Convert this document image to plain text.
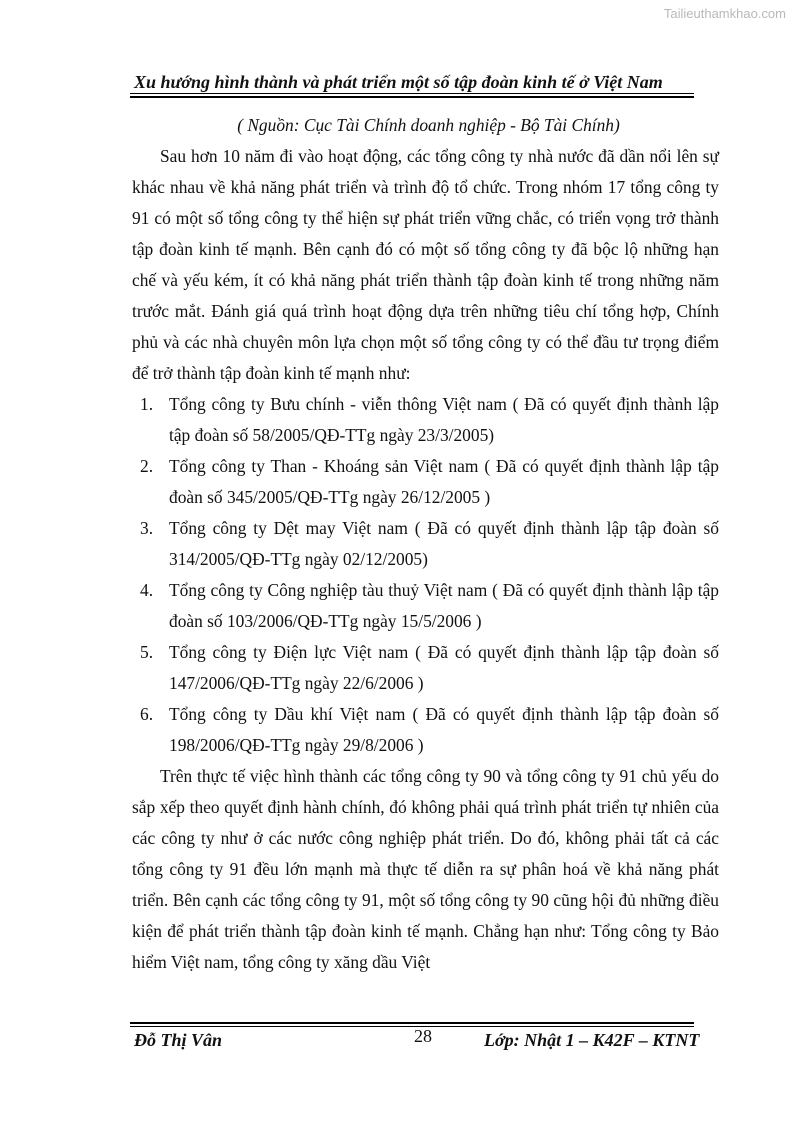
Tailieuthamkhao.com
Xu hướng hình thành và phát triển một số tập đoàn kinh tế ở Việt Nam
( Nguồn: Cục Tài Chính doanh nghiệp - Bộ Tài Chính)

Sau hơn 10 năm đi vào hoạt động, các tổng công ty nhà nước đã dần nổi lên sự khác nhau về khả năng phát triển và trình độ tổ chức. Trong nhóm 17 tổng công ty 91 có một số tổng công ty thể hiện sự phát triển vững chắc, có triển vọng trở thành tập đoàn kinh tế mạnh. Bên cạnh đó có một số tổng công ty đã bộc lộ những hạn chế và yếu kém, ít có khả năng phát triển thành tập đoàn kinh tế trong những năm trước mắt. Đánh giá quá trình hoạt động dựa trên những tiêu chí tổng hợp, Chính phủ và các nhà chuyên môn lựa chọn một số tổng công ty có thể đầu tư trọng điểm để trở thành tập đoàn kinh tế mạnh như:

1. Tổng công ty Bưu chính - viễn thông Việt nam ( Đã có quyết định thành lập tập đoàn số 58/2005/QĐ-TTg ngày 23/3/2005)
2. Tổng công ty Than - Khoáng sản Việt nam ( Đã có quyết định thành lập tập đoàn số 345/2005/QĐ-TTg ngày 26/12/2005 )
3. Tổng công ty Dệt may Việt nam ( Đã có quyết định thành lập tập đoàn số 314/2005/QĐ-TTg ngày 02/12/2005)
4. Tổng công ty Công nghiệp tàu thuỷ Việt nam ( Đã có quyết định thành lập tập đoàn số 103/2006/QĐ-TTg ngày 15/5/2006 )
5. Tổng công ty Điện lực Việt nam ( Đã có quyết định thành lập tập đoàn số 147/2006/QĐ-TTg ngày 22/6/2006 )
6. Tổng công ty Dầu khí Việt nam ( Đã có quyết định thành lập tập đoàn số 198/2006/QĐ-TTg ngày 29/8/2006 )

Trên thực tế việc hình thành các tổng công ty 90 và tổng công ty 91 chủ yếu do sắp xếp theo quyết định hành chính, đó không phải quá trình phát triển tự nhiên của các công ty như ở các nước công nghiệp phát triển. Do đó, không phải tất cả các tổng công ty 91 đều lớn mạnh mà thực tế diễn ra sự phân hoá về khả năng phát triển. Bên cạnh các tổng công ty 91, một số tổng công ty 90 cũng hội đủ những điều kiện để phát triển thành tập đoàn kinh tế mạnh. Chẳng hạn như: Tổng công ty Bảo hiểm Việt nam, tổng công ty xăng dầu Việt

Đỗ Thị Vân	28	Lớp: Nhật 1 – K42F – KTNT
